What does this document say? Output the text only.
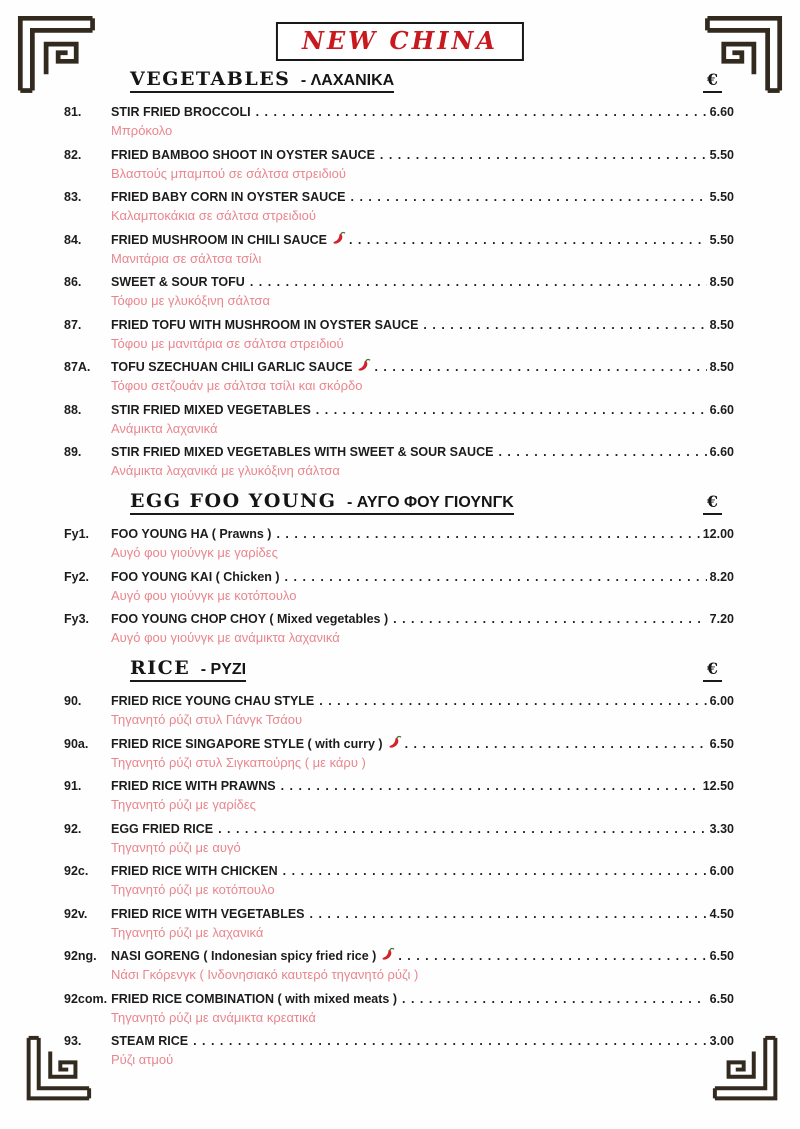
NEW CHINA
VEGETABLES - ΛΑΧΑΝΙΚΑ	€
81.	STIR FRIED BROCCOLI . . .	6.60
Μπρόκολο
82.	FRIED BAMBOO SHOOT IN OYSTER SAUCE . . .	5.50
Βλαστούς μπαμπού σε σάλτσα στρειδιού
83.	FRIED BABY CORN IN OYSTER SAUCE . . .	5.50
Καλαμποκάκια σε σάλτσα στρειδιού
84.	FRIED MUSHROOM IN CHILI SAUCE . . .	5.50
Μανιτάρια σε σάλτσα τσίλι
86.	SWEET & SOUR TOFU . . .	8.50
Τόφου με γλυκόξινη σάλτσα
87.	FRIED TOFU WITH MUSHROOM IN OYSTER SAUCE . . .	8.50
Τόφου με μανιτάρια σε σάλτσα στρειδιού
87A.	TOFU SZECHUAN CHILI GARLIC SAUCE . . .	8.50
Τόφου σετζουάν με σάλτσα τσίλι και σκόρδο
88.	STIR FRIED MIXED VEGETABLES . . .	6.60
Ανάμικτα λαχανικά
89.	STIR FRIED MIXED VEGETABLES WITH SWEET & SOUR SAUCE . . .	6.60
Ανάμικτα λαχανικά με γλυκόξινη σάλτσα
EGG FOO YOUNG - ΑΥΓΟ ΦΟΥ ΓΙΟΥΝΓΚ	€
Fy1.	FOO YOUNG HA ( Prawns ) . . .	12.00
Αυγό φου γιούνγκ με γαρίδες
Fy2.	FOO YOUNG KAI ( Chicken ) . . .	8.20
Αυγό φου γιούνγκ με κοτόπουλο
Fy3.	FOO YOUNG CHOP CHOY ( Mixed vegetables ) . . .	7.20
Αυγό φου γιούνγκ με ανάμικτα λαχανικά
RICE - ΡΥΖΙ	€
90.	FRIED RICE YOUNG CHAU STYLE . . .	6.00
Τηγανητό ρύζι στυλ Γιάνγκ Τσάου
90a.	FRIED RICE SINGAPORE STYLE ( with curry ) . . .	6.50
Τηγανητό ρύζι στυλ Σιγκαπούρης ( με κάρυ )
91.	FRIED RICE WITH PRAWNS . . .	12.50
Τηγανητό ρύζι με γαρίδες
92.	EGG FRIED RICE . . .	3.30
Τηγανητό ρύζι με αυγό
92c.	FRIED RICE WITH CHICKEN . . .	6.00
Τηγανητό ρύζι με κοτόπουλο
92v.	FRIED RICE WITH VEGETABLES . . .	4.50
Τηγανητό ρύζι με λαχανικά
92ng.	NASI GORENG ( Indonesian spicy fried rice ) . . .	6.50
Νάσι Γκόρενγκ ( Ινδονησιακό καυτερό τηγανητό ρύζι )
92com. FRIED RICE COMBINATION ( with mixed meats ) . . .	6.50
Τηγανητό ρύζι με ανάμικτα κρεατικά
93.	STEAM RICE . . .	3.00
Ρύζι ατμού
